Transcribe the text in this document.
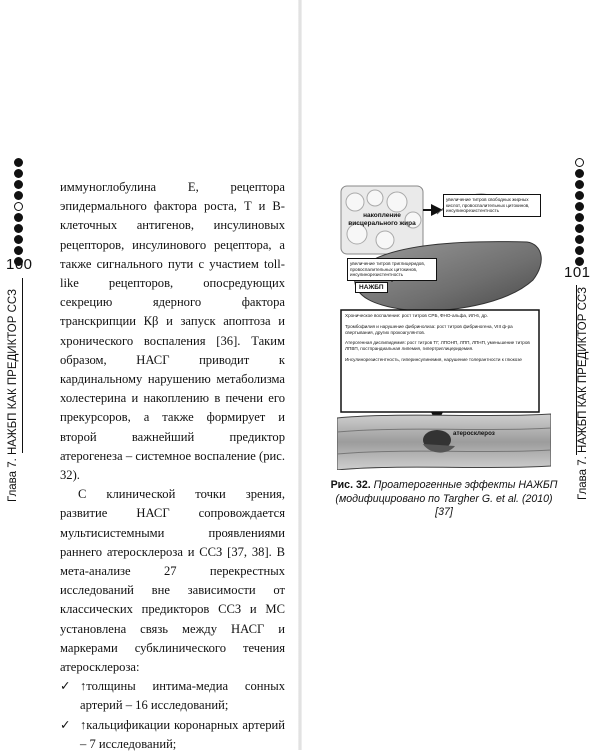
100
Глава 7. НАЖБП КАК ПРЕДИКТОР ССЗ

иммуноглобулина Е, рецептора эпидермального фактора роста, Т и В-клеточных антигенов, инсулиновых рецепторов, инсулинового рецептора, а также сигнального пути с участием toll-like рецепторов, опосредующих секрецию ядерного фактора транскрипции Кβ и запуск апоптоза и хронического воспаления [36]. Таким образом, НАСГ приводит к кардинальному нарушению метаболизма холестерина и накоплению в печени его прекурсоров, а также формирует и второй важнейший предиктор атерогенеза – системное воспаление (рис. 32).

С клинической точки зрения, развитие НАСГ сопровождается мультисистемными проявлениями раннего атеросклероза и ССЗ [37, 38]. В мета-анализе 27 перекрестных исследований вне зависимости от классических предикторов ССЗ и МС установлена связь между НАСГ и маркерами субклинического течения атеросклероза:

✓ ↑толщины интима-медиа сонных артерий – 16 исследований;
✓ ↑кальцификации коронарных артерий – 7 исследований;
101
Глава 7. НАЖБП КАК ПРЕДИКТОР ССЗ
накопление висцерального жира
увеличение титров свободных жирных кислот, провоспалительных цитокинов, инсулинорезистентность
увеличение титров триглицеридов, провоспалительных цитокинов, инсулинорезистентность
НАЖБП
Хроническое воспаление: рост титров СРБ, ФНО-альфа, ИЛ-6, др.
Тромбофилия и нарушение фибринолиза: рост титров фибриногена, VIII ф-ра свертывания, других прокоагулянтов.
Атерогенная дислипидемия: рост титров ТГ, ЛПОНП, ЛПП, ЛПНП, уменьшение титров ЛПВП, постпрандиальная липемия, гипертриглицеридемия.
Инсулинорезистентность, гиперинсулинемия, нарушение толерантности к глюкозе
атеросклероз
Рис. 32. Проатерогенные эффекты НАЖБП
(модифицировано по Targher G. et al. (2010) [37]
